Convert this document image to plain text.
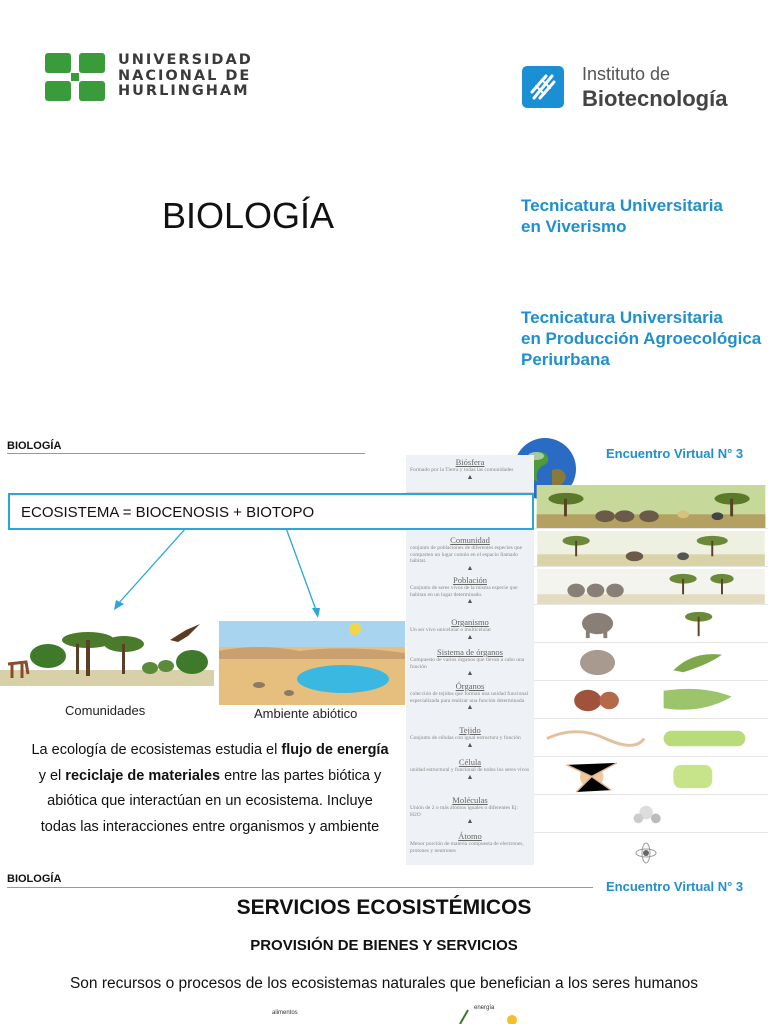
UNIVERSIDAD
NACIONAL DE
HURLINGHAM
Instituto de
Biotecnología
BIOLOGÍA	Tecnicatura Universitaria
en Viverismo
Tecnicatura Universitaria
en Producción Agroecológica
Periurbana
BIOLOGÍA	Encuentro Virtual N° 3
Biósfera
Formado por la Tierra y todas las comunidades
▲
Comunidad
conjunto de poblaciones de diferentes especies que comparten un lugar común en el espacio llamado hábitat.
▲
Población
Conjunto de seres vivos de la misma especie que habitan en un lugar determinado.
▲
Organismo
Un ser vivo unicelular o multicelular
▲
Sistema de órganos
Compuesto de varios órganos que llevan a cabo una función
▲
Órganos
colección de tejidos que forman una unidad funcional especializada para realizar una función determinada
▲
Tejido
Conjunto de células con igual estructura y función
▲
Célula
unidad estructural y funcional de todos los seres vivos
▲
Moléculas
Unión de 2 o más átomos iguales o diferentes Ej: H2O
▲
Átomo
Menor porción de materia compuesta de electrones, protones y neutrones
ECOSISTEMA = BIOCENOSIS + BIOTOPO
Comunidades	Ambiente abiótico
La ecología de ecosistemas estudia el flujo de energía y el reciclaje de materiales entre las partes biótica y abiótica que interactúan en un ecosistema. Incluye todas las interacciones entre organismos y ambiente
BIOLOGÍA	Encuentro Virtual N° 3
SERVICIOS ECOSISTÉMICOS
PROVISIÓN DE BIENES Y SERVICIOS
Son recursos o procesos de los ecosistemas naturales que benefician a los seres humanos
alimentos
energía
